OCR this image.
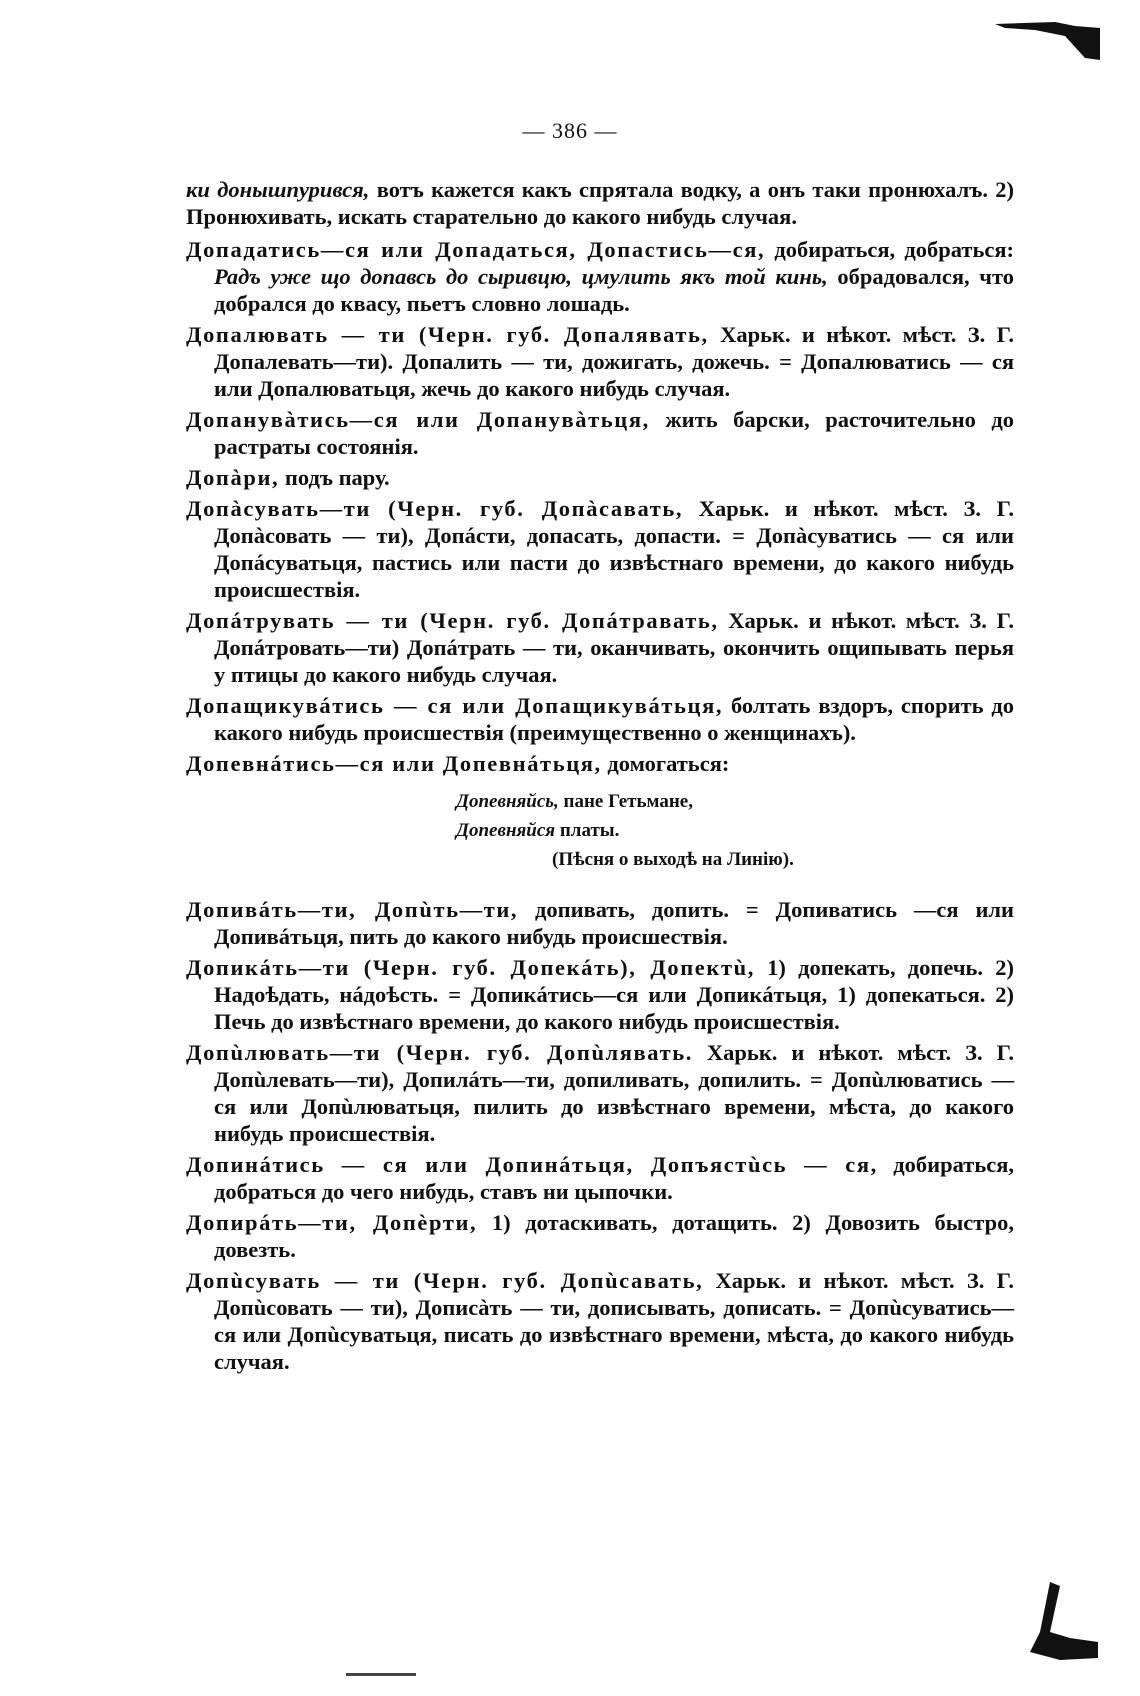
— 386 —

ки донышпурився, вотъ кажется какъ спрятала водку, а онъ таки пронюхалъ. 2) Пронюхивать, искать старательно до какого нибудь случая.

Допадатись—ся или Допадаться, Допастись—ся, добираться, добраться: Радъ уже що допавсь до сыривцю, цмулить якъ той кинь, обрадовался, что добрался до квасу, пьетъ словно лошадь.

Допалювать — ти (Черн. губ. Допалявать, Харьк. и нѣкот. мѣст. З. Г. Допалевать—ти). Допалить — ти, дожигать, дожечь. = Допалюватись — ся или Допалюватьця, жечь до какого нибудь случая.

Допанувàтись—ся или Допанувàтьця, жить барски, расточительно до растраты состоянія.

Допàри, подъ пару.

Допàсувать—ти (Черн. губ. Допàсавать, Харьк. и нѣкот. мѣст. З. Г. Допàсовать — ти), Допáсти, допасать, допасти. = Допàсуватись — ся или Допáсуватьця, пастись или пасти до извѣстнаго времени, до какого нибудь происшествія.

Допáтрувать — ти (Черн. губ. Допáтравать, Харьк. и нѣкот. мѣст. З. Г. Допáтровать—ти) Допáтрать — ти, оканчивать, окончить ощипывать перья у птицы до какого нибудь случая.

Допащикувáтись — ся или Допащикувáтьця, болтать вздоръ, спорить до какого нибудь происшествія (преимущественно о женщинахъ).

Допевнáтись—ся или Допевнáтьця, домогаться:

Допевняйсь, пане Гетьмане,
Допевняйся платы.
(Пѣсня о выходѣ на Линію).

Допивáть—ти, Допùть—ти, допивать, допить. = Допиватись —ся или Допивáтьця, пить до какого нибудь происшествія.

Допикáть—ти (Черн. губ. Допекáть), Допектù, 1) допекать, допечь. 2) Надоѣдать, нáдоѣсть. = Допикáтись—ся или Допикáтьця, 1) допекаться. 2) Печь до извѣстнаго времени, до какого нибудь происшествія.

Допùлювать—ти (Черн. губ. Допùлявать. Харьк. и нѣкот. мѣст. З. Г. Допùлевать—ти), Допилáть—ти, допиливать, допилить. = Допùлюватись — ся или Допùлюватьця, пилить до извѣстнаго времени, мѣста, до какого нибудь происшествія.

Допинáтись — ся или Допинáтьця, Допъястùсь — ся, добираться, добраться до чего нибудь, ставъ ни цыпочки.

Допирáть—ти, Допèрти, 1) дотаскивать, дотащить. 2) Довозить быстро, довезть.

Допùсувать — ти (Черн. губ. Допùсавать, Харьк. и нѣкот. мѣст. З. Г. Допùсовать — ти), Дописàть — ти, дописывать, дописать. = Допùсуватись—ся или Допùсуватьця, писать до извѣстнаго времени, мѣста, до какого нибудь случая.
